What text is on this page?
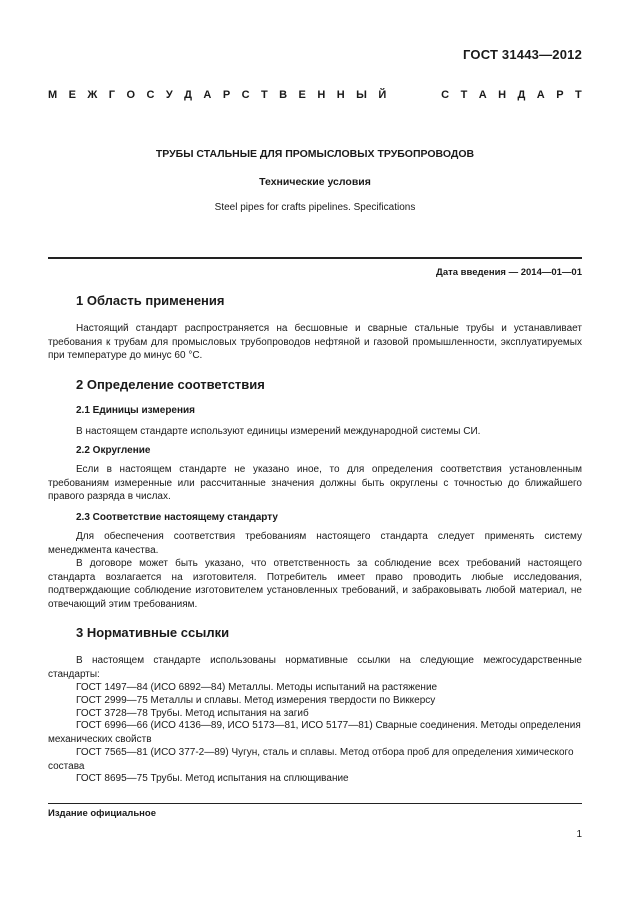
ГОСТ 31443—2012
М Е Ж Г О С У Д А Р С Т В Е Н Н Ы Й

	С Т А Н Д А Р Т
ТРУБЫ СТАЛЬНЫЕ ДЛЯ ПРОМЫСЛОВЫХ ТРУБОПРОВОДОВ
Технические условия
Steel pipes for crafts pipelines. Specifications
Дата введения — 2014—01—01
1 Область применения

Настоящий стандарт распространяется на бесшовные и сварные стальные трубы и устанавливает требования к трубам для промысловых трубопроводов нефтяной и газовой промышленности, эксплуатируемых при температуре до минус 60 °С.

2 Определение соответствия
2.1 Единицы измерения

В настоящем стандарте используют единицы измерений международной системы СИ.

2.2 Округление

Если в настоящем стандарте не указано иное, то для определения соответствия установленным требованиям измеренные или рассчитанные значения должны быть округлены с точностью до ближайшего правого разряда в числах.

2.3 Соответствие настоящему стандарту

Для обеспечения соответствия требованиям настоящего стандарта следует применять систему менеджмента качества.

В договоре может быть указано, что ответственность за соблюдение всех требований настоящего стандарта возлагается на изготовителя. Потребитель имеет право проводить любые исследования, подтверждающие соблюдение изготовителем установленных требований, и забраковывать любой материал, не отвечающий этим требованиям.

3 Нормативные ссылки

В настоящем стандарте использованы нормативные ссылки на следующие межгосударственные стандарты:

ГОСТ 1497—84 (ИСО 6892—84) Металлы. Методы испытаний на растяжение

ГОСТ 2999—75 Металлы и сплавы. Метод измерения твердости по Виккерсу

ГОСТ 3728—78 Трубы. Метод испытания на загиб

ГОСТ 6996—66 (ИСО 4136—89, ИСО 5173—81, ИСО 5177—81) Сварные соединения. Методы определения механических свойств

ГОСТ 7565—81 (ИСО 377-2—89) Чугун, сталь и сплавы. Метод отбора проб для определения химического состава

ГОСТ 8695—75 Трубы. Метод испытания на сплющивание

Издание официальное
1
